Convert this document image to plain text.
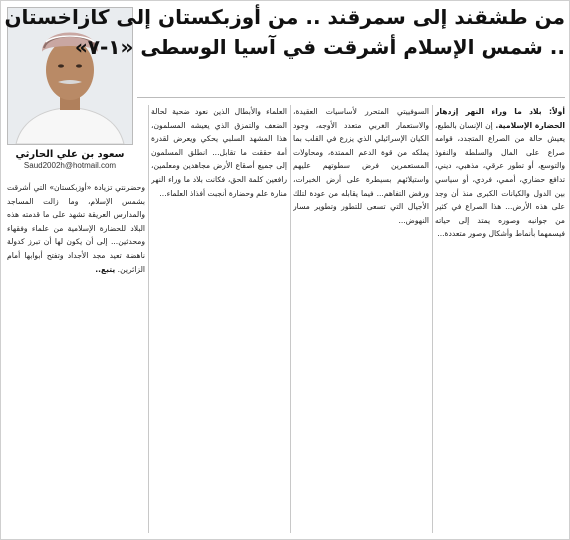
سعود بن علي الحارثي
Saud2002h@hotmail.com
من طشقند إلى سمرقند .. من أوزبكستان إلى كازاخستان
.. شمس الإسلام أشرقت في آسيا الوسطى «١-٧»
أولاً: بلاد ما وراء النهر إزدهار الحضارة الإسلامية. إن الإنسان بالطبع، يعيش حالة من الصراع المتجدد، قوامه صراع على المال والسلطة والنفوذ والتوسع، أو تطور عرقي، مذهبي، ديني، تدافع حضاري، أممي، فردي، أو سياسي بين الدول والكيانات الكبرى منذ أن وجد على هذه الأرض... هذا الصراع في كثير من جوانبه وصوره يمتد إلى حياته فيسمهما بأنماط وأشكال وصور متعددة...
السوفييتي المتحرر لأساسيات العقيدة، والاستعمار الغربي متعدد الأوجه، وجود الكيان الإسرائيلي الذي يزرع في القلب بما يملكه من قوة الدعم الممتدة، ومحاولات المستعمرين فرض سطوتهم عليهم واستيلائهم بسيطرة على أرض الخبرات، ورفض التفاهم... فيما يقابله من عودة لتلك الأجيال التي تسعى للتطور وتطوير مسار النهوض...
العلماء والأبطال الذين نعود ضحية لحالة الضعف والتمزق الذي يعيشه المسلمون، هذا المشهد السلبي يحكي ويعرض لقدرة أمة حققت ما تقابل... انطلق المسلمون إلى جميع أصقاع الأرض مجاهدين ومعلمين، رافعين كلمة الحق، فكانت بلاد ما وراء النهر منارة علم وحضارة أنجبت أفذاذ العلماء...
وحضرنتي تزيادة «أوزبكستان» التي أشرقت بشمس الإسلام، وما زالت المساجد والمدارس العريقة تشهد على ما قدمته هذه البلاد للحضارة الإسلامية من علماء وفقهاء ومحدثين... إلى أن يكون لها أن تبرز كدولة ناهضة تعيد مجد الأجداد وتفتح أبوابها أمام الزائرين. يتبع..
